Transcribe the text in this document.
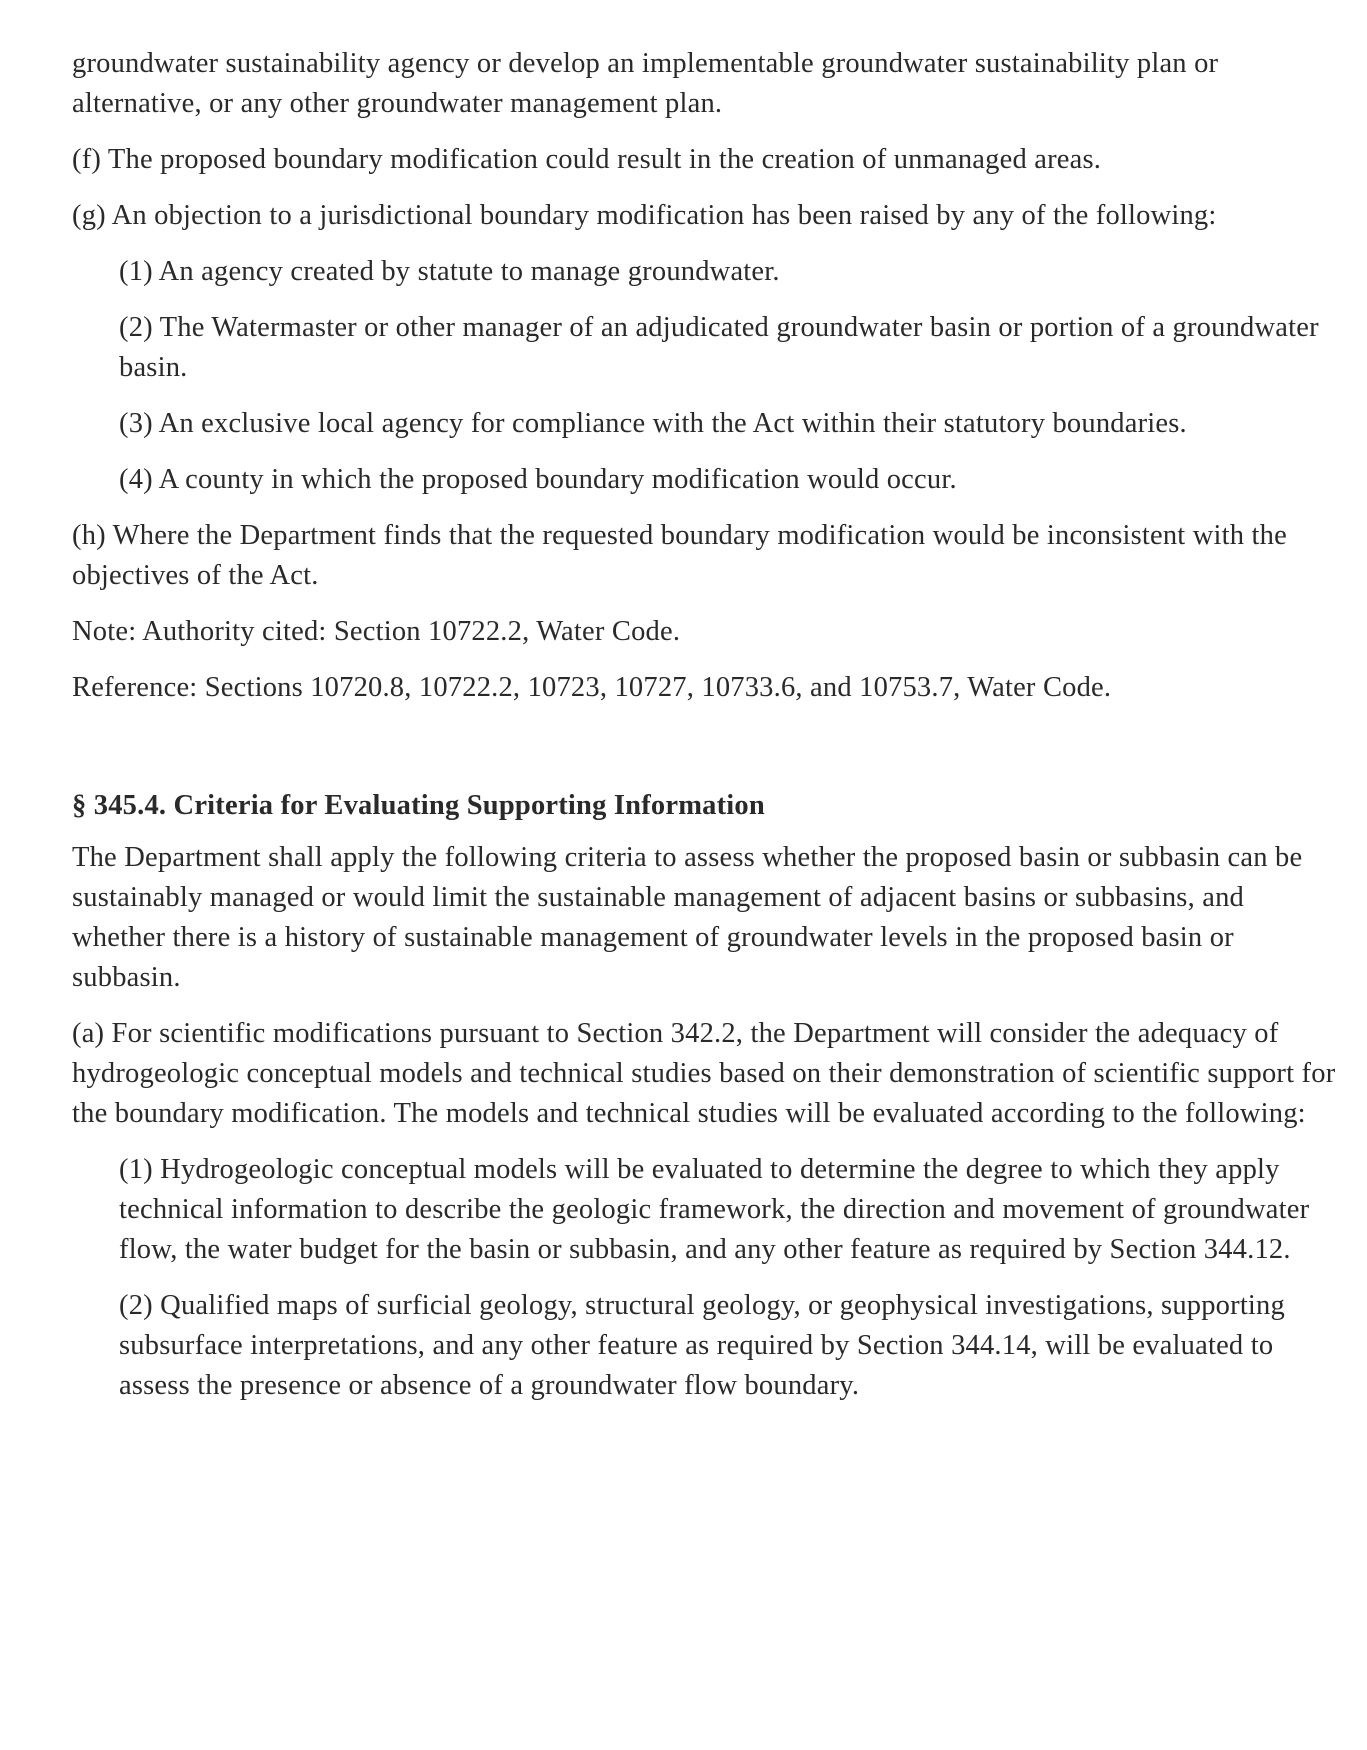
groundwater sustainability agency or develop an implementable groundwater sustainability plan or alternative, or any other groundwater management plan.

(f) The proposed boundary modification could result in the creation of unmanaged areas.

(g) An objection to a jurisdictional boundary modification has been raised by any of the following:

(1) An agency created by statute to manage groundwater.

(2) The Watermaster or other manager of an adjudicated groundwater basin or portion of a groundwater basin.

(3) An exclusive local agency for compliance with the Act within their statutory boundaries.

(4) A county in which the proposed boundary modification would occur.

(h) Where the Department finds that the requested boundary modification would be inconsistent with the objectives of the Act.

Note: Authority cited: Section 10722.2, Water Code.

Reference: Sections 10720.8, 10722.2, 10723, 10727, 10733.6, and 10753.7, Water Code.

§ 345.4. Criteria for Evaluating Supporting Information

The Department shall apply the following criteria to assess whether the proposed basin or subbasin can be sustainably managed or would limit the sustainable management of adjacent basins or subbasins, and whether there is a history of sustainable management of groundwater levels in the proposed basin or subbasin.

(a) For scientific modifications pursuant to Section 342.2, the Department will consider the adequacy of hydrogeologic conceptual models and technical studies based on their demonstration of scientific support for the boundary modification. The models and technical studies will be evaluated according to the following:

(1) Hydrogeologic conceptual models will be evaluated to determine the degree to which they apply technical information to describe the geologic framework, the direction and movement of groundwater flow, the water budget for the basin or subbasin, and any other feature as required by Section 344.12.

(2) Qualified maps of surficial geology, structural geology, or geophysical investigations, supporting subsurface interpretations, and any other feature as required by Section 344.14, will be evaluated to assess the presence or absence of a groundwater flow boundary.
